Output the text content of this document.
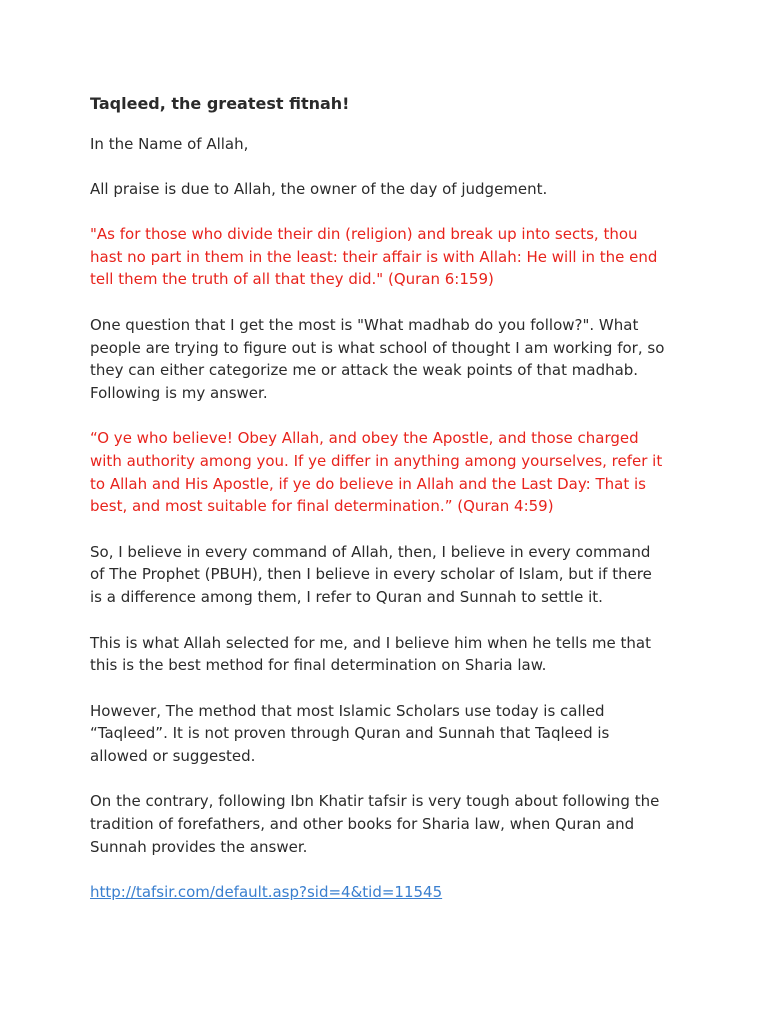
Taqleed, the greatest fitnah!

In the Name of Allah,

All praise is due to Allah, the owner of the day of judgement.

"As for those who divide their din (religion) and break up into sects, thou
hast no part in them in the least: their affair is with Allah: He will in the end
tell them the truth of all that they did." (Quran 6:159)

One question that I get the most is "What madhab do you follow?". What
people are trying to figure out is what school of thought I am working for, so
they can either categorize me or attack the weak points of that madhab.
Following is my answer.

“O ye who believe! Obey Allah, and obey the Apostle, and those charged
with authority among you. If ye differ in anything among yourselves, refer it
to Allah and His Apostle, if ye do believe in Allah and the Last Day: That is
best, and most suitable for final determination.” (Quran 4:59)

So, I believe in every command of Allah, then, I believe in every command
of The Prophet (PBUH), then I believe in every scholar of Islam, but if there
is a difference among them, I refer to Quran and Sunnah to settle it.

This is what Allah selected for me, and I believe him when he tells me that
this is the best method for final determination on Sharia law.

However, The method that most Islamic Scholars use today is called
“Taqleed”. It is not proven through Quran and Sunnah that Taqleed is
allowed or suggested.

On the contrary, following Ibn Khatir tafsir is very tough about following the
tradition of forefathers, and other books for Sharia law, when Quran and
Sunnah provides the answer.

http://tafsir.com/default.asp?sid=4&tid=11545
